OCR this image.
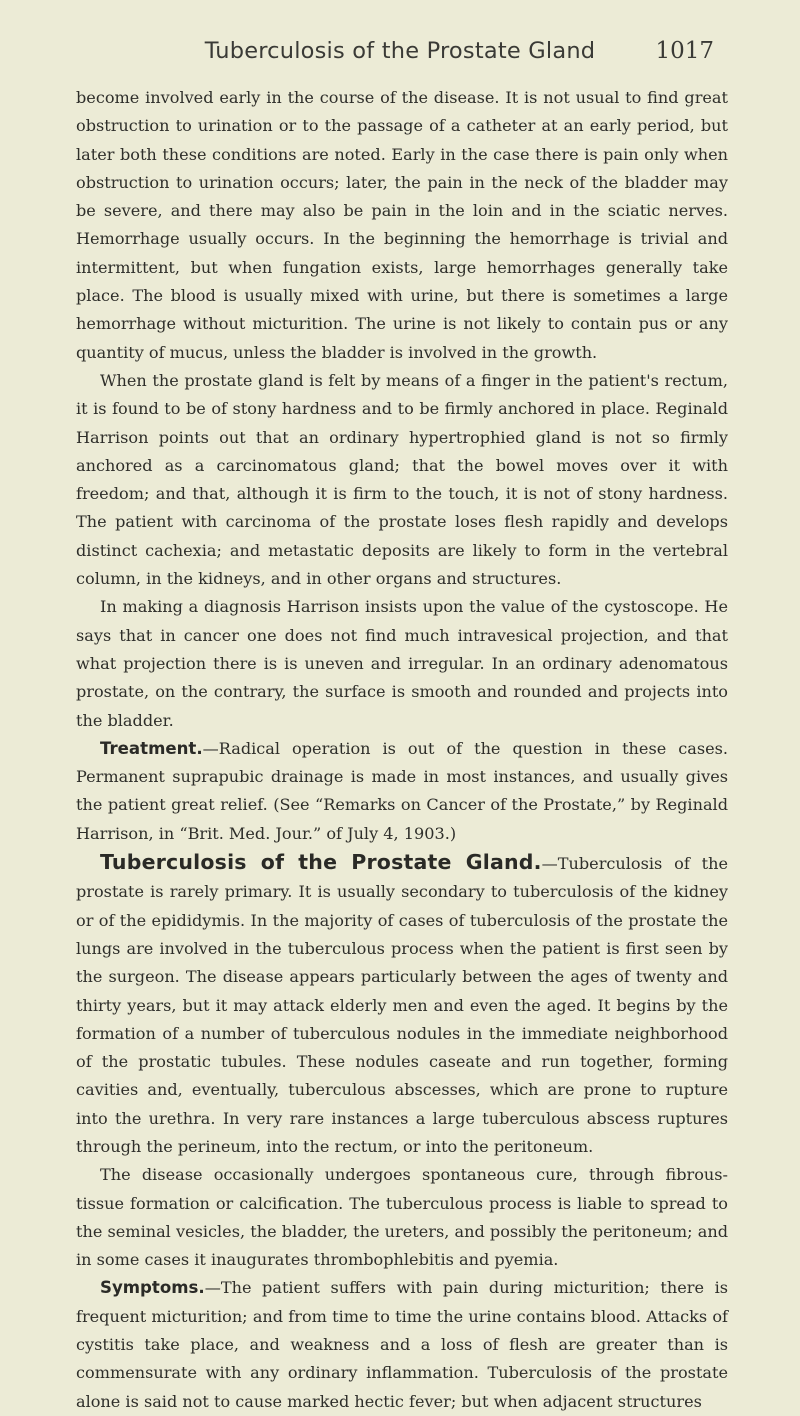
Tuberculosis of the Prostate Gland	1017

become involved early in the course of the disease. It is not usual to find great obstruction to urination or to the passage of a catheter at an early period, but later both these conditions are noted. Early in the case there is pain only when obstruction to urination occurs; later, the pain in the neck of the bladder may be severe, and there may also be pain in the loin and in the sciatic nerves. Hemorrhage usually occurs. In the beginning the hemorrhage is trivial and intermittent, but when fungation exists, large hemorrhages generally take place. The blood is usually mixed with urine, but there is sometimes a large hemorrhage without micturition. The urine is not likely to contain pus or any quantity of mucus, unless the bladder is involved in the growth.

When the prostate gland is felt by means of a finger in the patient's rectum, it is found to be of stony hardness and to be firmly anchored in place. Reginald Harrison points out that an ordinary hypertrophied gland is not so firmly anchored as a carcinomatous gland; that the bowel moves over it with freedom; and that, although it is firm to the touch, it is not of stony hardness. The patient with carcinoma of the prostate loses flesh rapidly and develops distinct cachexia; and metastatic deposits are likely to form in the vertebral column, in the kidneys, and in other organs and structures.

In making a diagnosis Harrison insists upon the value of the cystoscope. He says that in cancer one does not find much intravesical projection, and that what projection there is is uneven and irregular. In an ordinary adenomatous prostate, on the contrary, the surface is smooth and rounded and projects into the bladder.

Treatment.—Radical operation is out of the question in these cases. Permanent suprapubic drainage is made in most instances, and usually gives the patient great relief. (See “Remarks on Cancer of the Prostate,” by Reginald Harrison, in “Brit. Med. Jour.” of July 4, 1903.)

Tuberculosis of the Prostate Gland.—Tuberculosis of the prostate is rarely primary. It is usually secondary to tuberculosis of the kidney or of the epididymis. In the majority of cases of tuberculosis of the prostate the lungs are involved in the tuberculous process when the patient is first seen by the surgeon. The disease appears particularly between the ages of twenty and thirty years, but it may attack elderly men and even the aged. It begins by the formation of a number of tuberculous nodules in the immediate neighborhood of the prostatic tubules. These nodules caseate and run together, forming cavities and, eventually, tuberculous abscesses, which are prone to rupture into the urethra. In very rare instances a large tuberculous abscess ruptures through the perineum, into the rectum, or into the peritoneum.

The disease occasionally undergoes spontaneous cure, through fibrous-tissue formation or calcification. The tuberculous process is liable to spread to the seminal vesicles, the bladder, the ureters, and possibly the peritoneum; and in some cases it inaugurates thrombophlebitis and pyemia.

Symptoms.—The patient suffers with pain during micturition; there is frequent micturition; and from time to time the urine contains blood. Attacks of cystitis take place, and weakness and a loss of flesh are greater than is commensurate with any ordinary inflammation. Tuberculosis of the prostate alone is said not to cause marked hectic fever; but when adjacent structures
